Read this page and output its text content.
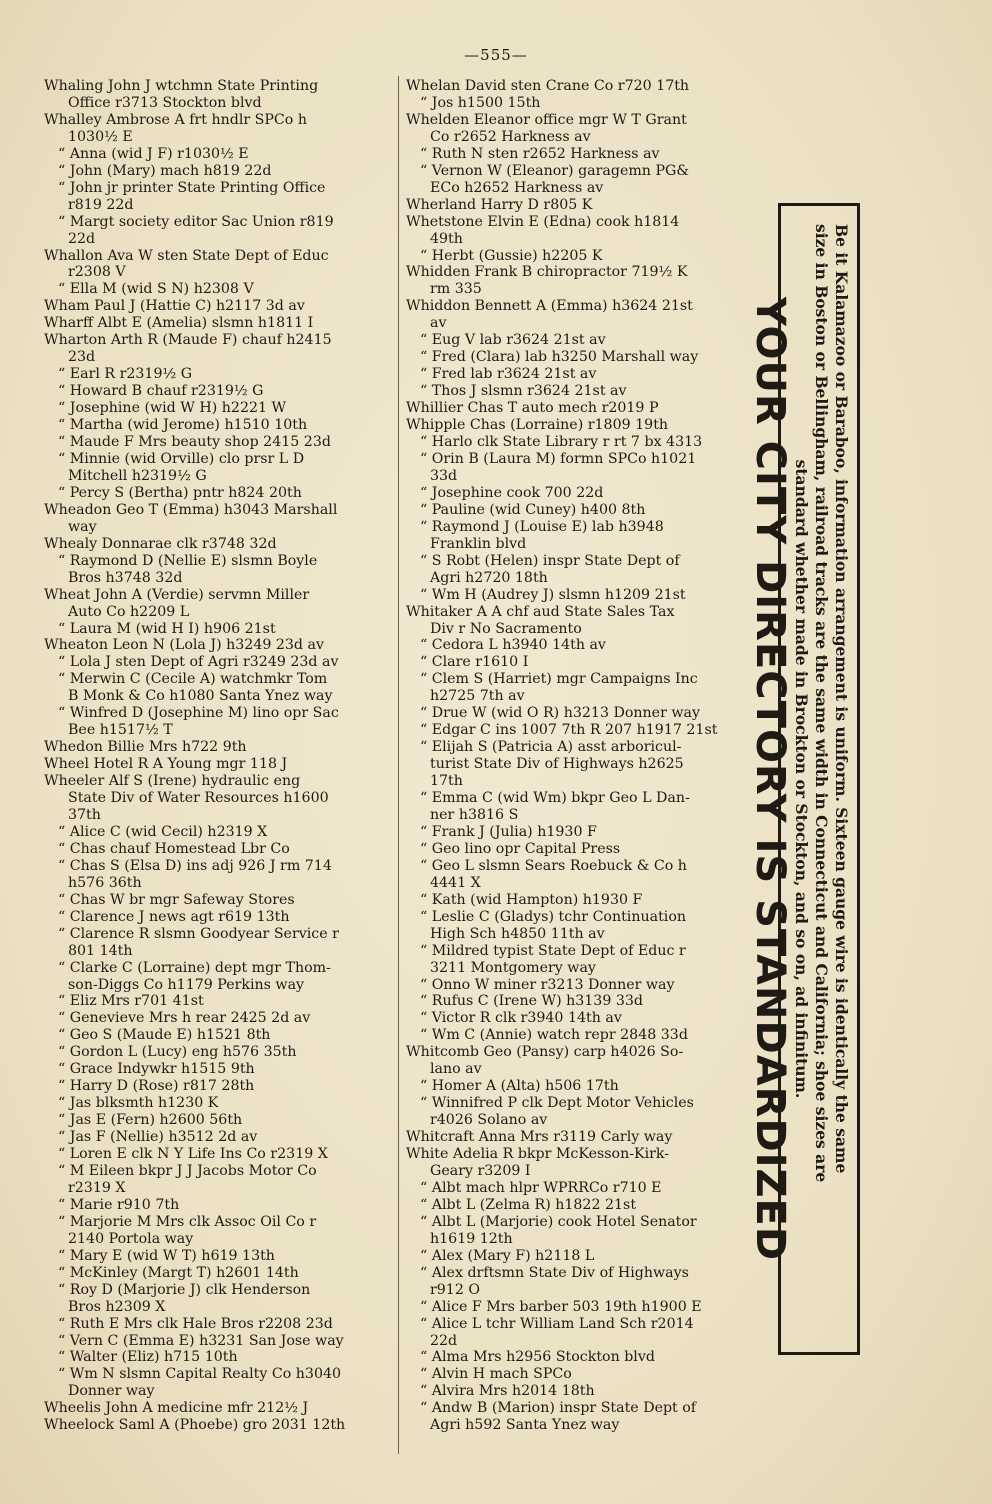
—555—
Whaling John J wtchmn State Printing
Office r3713 Stockton blvd
Whalley Ambrose A frt hndlr SPCo h
1030½ E
“ Anna (wid J F) r1030½ E
“ John (Mary) mach h819 22d
“ John jr printer State Printing Office
r819 22d
“ Margt society editor Sac Union r819
22d
Whallon Ava W sten State Dept of Educ
r2308 V
“ Ella M (wid S N) h2308 V
Wham Paul J (Hattie C) h2117 3d av
Wharff Albt E (Amelia) slsmn h1811 I
Wharton Arth R (Maude F) chauf h2415
23d
“ Earl R r2319½ G
“ Howard B chauf r2319½ G
“ Josephine (wid W H) h2221 W
“ Martha (wid Jerome) h1510 10th
“ Maude F Mrs beauty shop 2415 23d
“ Minnie (wid Orville) clo prsr L D
Mitchell h2319½ G
“ Percy S (Bertha) pntr h824 20th
Wheadon Geo T (Emma) h3043 Marshall
way
Whealy Donnarae clk r3748 32d
“ Raymond D (Nellie E) slsmn Boyle
Bros h3748 32d
Wheat John A (Verdie) servmn Miller
Auto Co h2209 L
“ Laura M (wid H I) h906 21st
Wheaton Leon N (Lola J) h3249 23d av
“ Lola J sten Dept of Agri r3249 23d av
“ Merwin C (Cecile A) watchmkr Tom
B Monk & Co h1080 Santa Ynez way
“ Winfred D (Josephine M) lino opr Sac
Bee h1517½ T
Whedon Billie Mrs h722 9th
Wheel Hotel R A Young mgr 118 J
Wheeler Alf S (Irene) hydraulic eng
State Div of Water Resources h1600
37th
“ Alice C (wid Cecil) h2319 X
“ Chas chauf Homestead Lbr Co
“ Chas S (Elsa D) ins adj 926 J rm 714
h576 36th
“ Chas W br mgr Safeway Stores
“ Clarence J news agt r619 13th
“ Clarence R slsmn Goodyear Service r
801 14th
“ Clarke C (Lorraine) dept mgr Thom-
son-Diggs Co h1179 Perkins way
“ Eliz Mrs r701 41st
“ Genevieve Mrs h rear 2425 2d av
“ Geo S (Maude E) h1521 8th
“ Gordon L (Lucy) eng h576 35th
“ Grace Indywkr h1515 9th
“ Harry D (Rose) r817 28th
“ Jas blksmth h1230 K
“ Jas E (Fern) h2600 56th
“ Jas F (Nellie) h3512 2d av
“ Loren E clk N Y Life Ins Co r2319 X
“ M Eileen bkpr J J Jacobs Motor Co
r2319 X
“ Marie r910 7th
“ Marjorie M Mrs clk Assoc Oil Co r
2140 Portola way
“ Mary E (wid W T) h619 13th
“ McKinley (Margt T) h2601 14th
“ Roy D (Marjorie J) clk Henderson
Bros h2309 X
“ Ruth E Mrs clk Hale Bros r2208 23d
“ Vern C (Emma E) h3231 San Jose way
“ Walter (Eliz) h715 10th
“ Wm N slsmn Capital Realty Co h3040
Donner way
Wheelis John A medicine mfr 212½ J
Wheelock Saml A (Phoebe) gro 2031 12th
Whelan David sten Crane Co r720 17th
“ Jos h1500 15th
Whelden Eleanor office mgr W T Grant
Co r2652 Harkness av
“ Ruth N sten r2652 Harkness av
“ Vernon W (Eleanor) garagemn PG&
ECo h2652 Harkness av
Wherland Harry D r805 K
Whetstone Elvin E (Edna) cook h1814
49th
“ Herbt (Gussie) h2205 K
Whidden Frank B chiropractor 719½ K
rm 335
Whiddon Bennett A (Emma) h3624 21st
av
“ Eug V lab r3624 21st av
“ Fred (Clara) lab h3250 Marshall way
“ Fred lab r3624 21st av
“ Thos J slsmn r3624 21st av
Whillier Chas T auto mech r2019 P
Whipple Chas (Lorraine) r1809 19th
“ Harlo clk State Library r rt 7 bx 4313
“ Orin B (Laura M) formn SPCo h1021
33d
“ Josephine cook 700 22d
“ Pauline (wid Cuney) h400 8th
“ Raymond J (Louise E) lab h3948
Franklin blvd
“ S Robt (Helen) inspr State Dept of
Agri h2720 18th
“ Wm H (Audrey J) slsmn h1209 21st
Whitaker A A chf aud State Sales Tax
Div r No Sacramento
“ Cedora L h3940 14th av
“ Clare r1610 I
“ Clem S (Harriet) mgr Campaigns Inc
h2725 7th av
“ Drue W (wid O R) h3213 Donner way
“ Edgar C ins 1007 7th R 207 h1917 21st
“ Elijah S (Patricia A) asst arboricul-
turist State Div of Highways h2625
17th
“ Emma C (wid Wm) bkpr Geo L Dan-
ner h3816 S
“ Frank J (Julia) h1930 F
“ Geo lino opr Capital Press
“ Geo L slsmn Sears Roebuck & Co h
4441 X
“ Kath (wid Hampton) h1930 F
“ Leslie C (Gladys) tchr Continuation
High Sch h4850 11th av
“ Mildred typist State Dept of Educ r
3211 Montgomery way
“ Onno W miner r3213 Donner way
“ Rufus C (Irene W) h3139 33d
“ Victor R clk r3940 14th av
“ Wm C (Annie) watch repr 2848 33d
Whitcomb Geo (Pansy) carp h4026 So-
lano av
“ Homer A (Alta) h506 17th
“ Winnifred P clk Dept Motor Vehicles
r4026 Solano av
Whitcraft Anna Mrs r3119 Carly way
White Adelia R bkpr McKesson-Kirk-
Geary r3209 I
“ Albt mach hlpr WPRRCo r710 E
“ Albt L (Zelma R) h1822 21st
“ Albt L (Marjorie) cook Hotel Senator
h1619 12th
“ Alex (Mary F) h2118 L
“ Alex drftsmn State Div of Highways
r912 O
“ Alice F Mrs barber 503 19th h1900 E
“ Alice L tchr William Land Sch r2014
22d
“ Alma Mrs h2956 Stockton blvd
“ Alvin H mach SPCo
“ Alvira Mrs h2014 18th
“ Andw B (Marion) inspr State Dept of
Agri h592 Santa Ynez way
Be it Kalamazoo or Baraboo, information arrangement is uniform. Sixteen gauge wire is identically the same
size in Boston or Bellingham, railroad tracks are the same width in Connecticut and California; shoe sizes are
standard whether made in Brockton or Stockton, and so on, ad infinitum.
YOUR CITY DIRECTORY IS STANDARDIZED
